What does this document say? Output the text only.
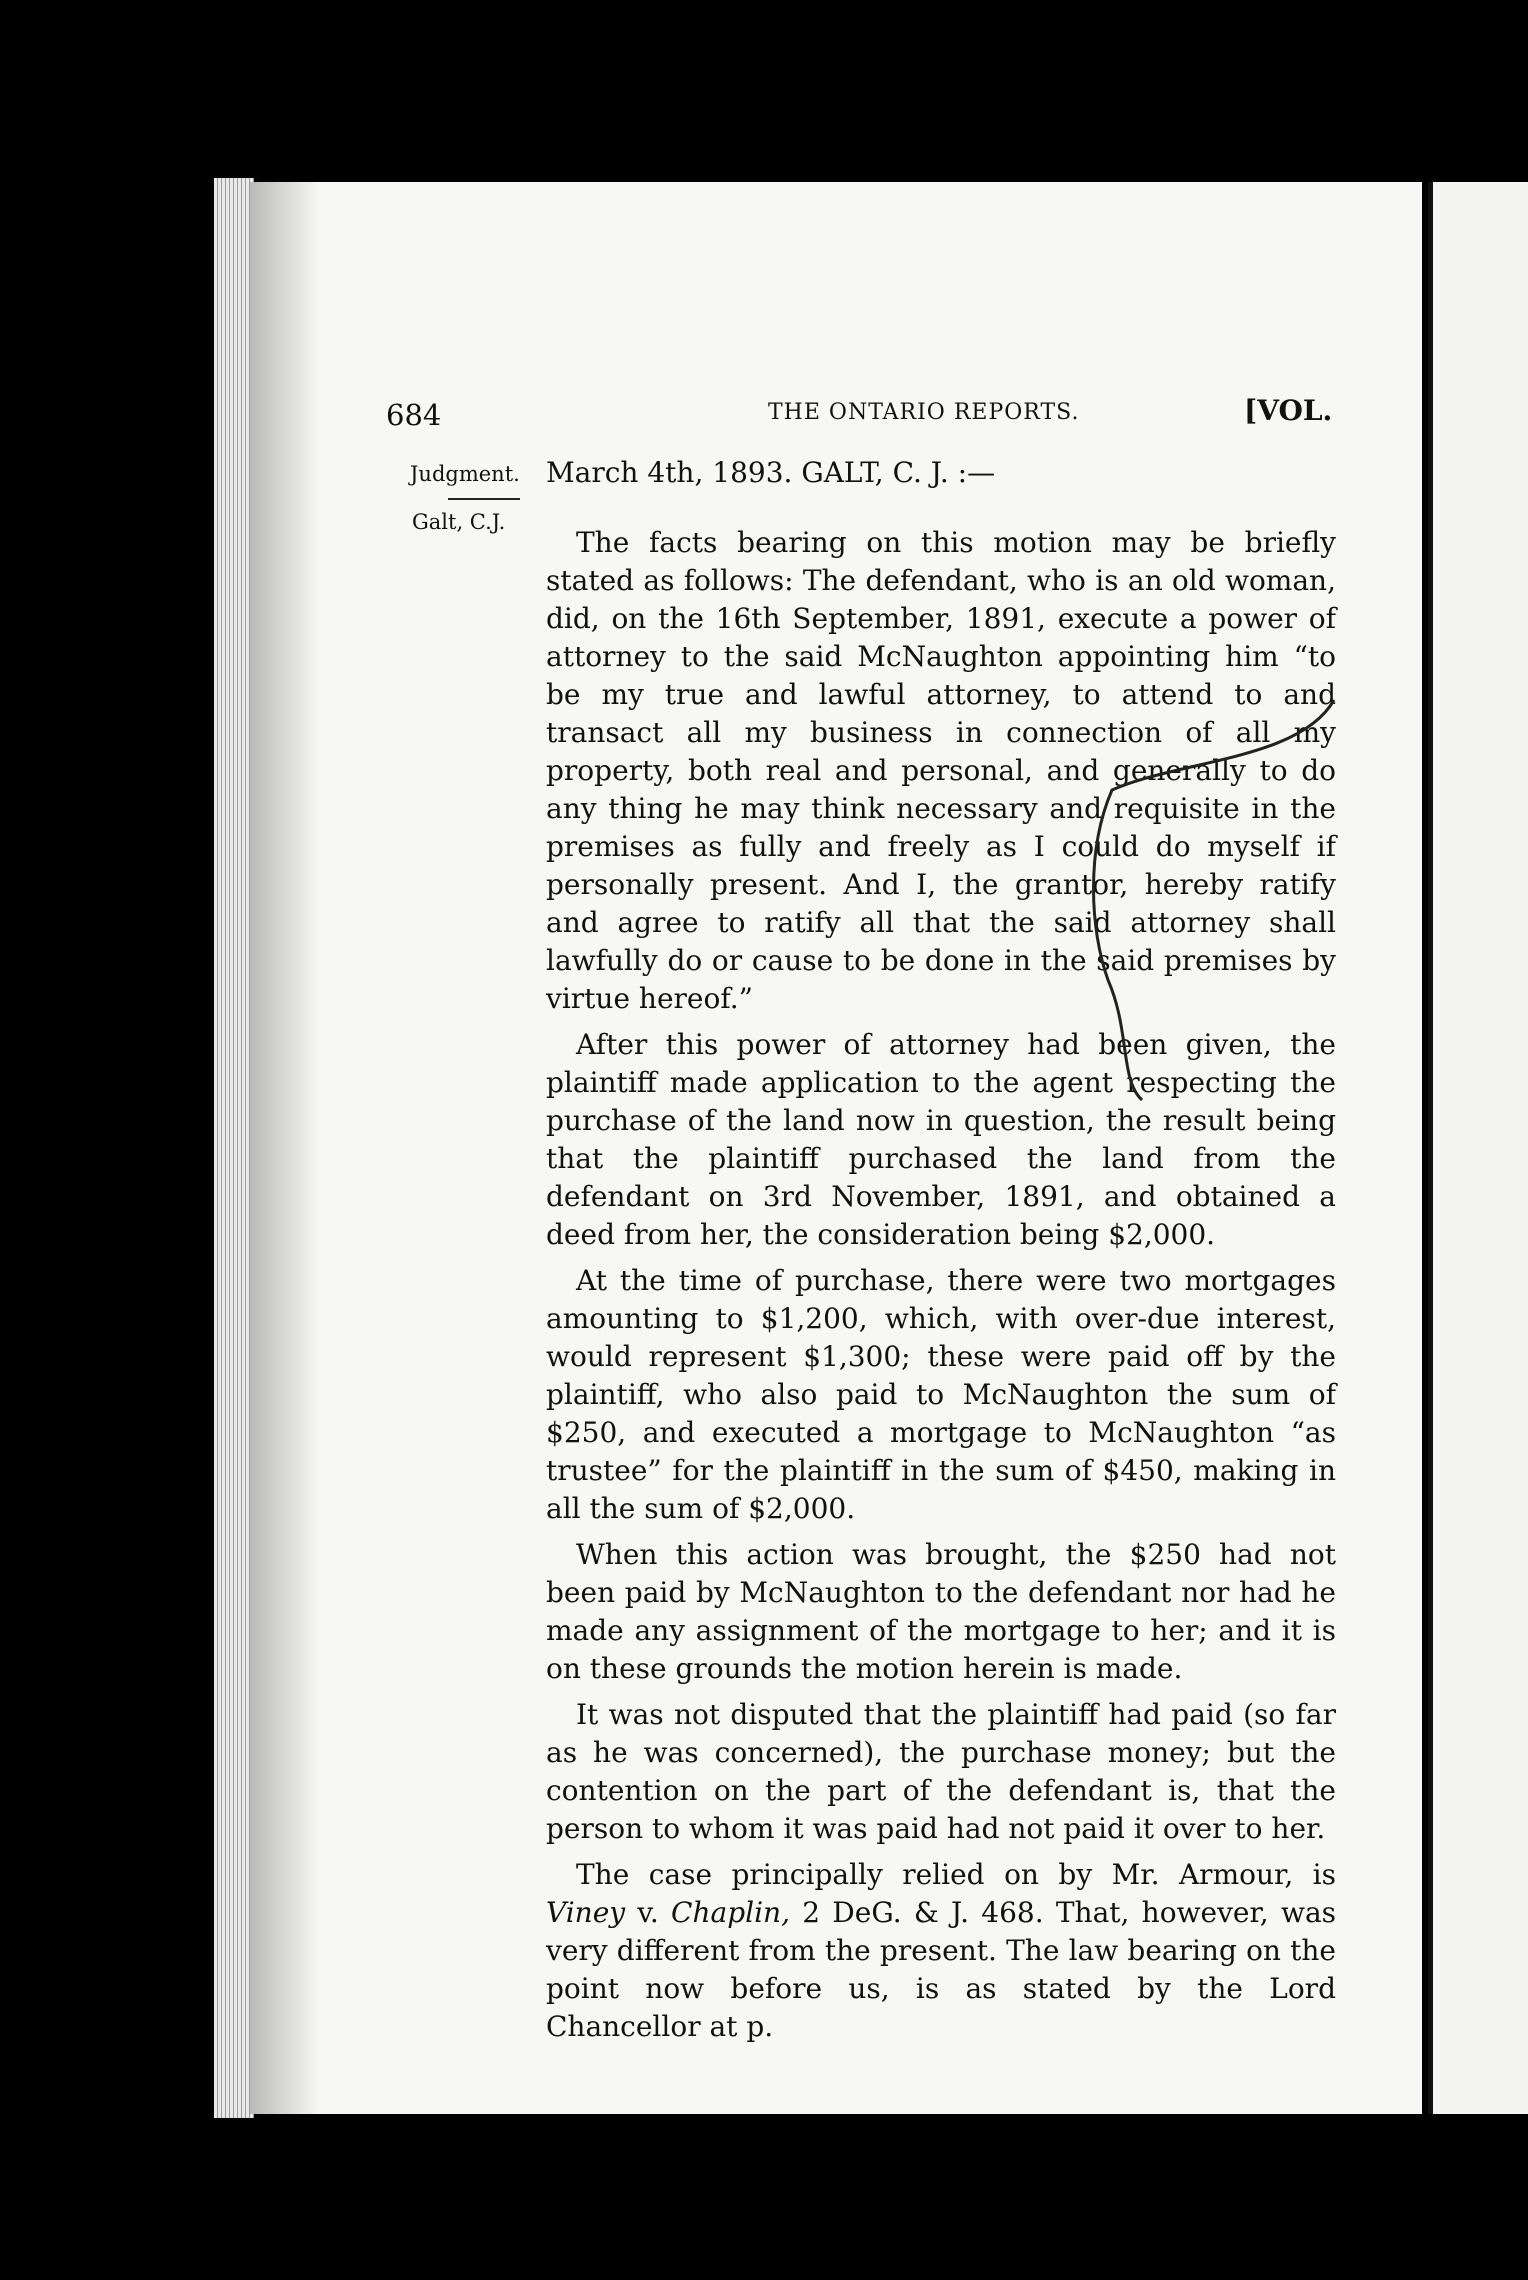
684	THE ONTARIO REPORTS.	[VOL.
Judgment.
Galt, C.J.
March 4th, 1893. GALT, C. J. :—

The facts bearing on this motion may be briefly stated as follows: The defendant, who is an old woman, did, on the 16th September, 1891, execute a power of attorney to the said McNaughton appointing him “to be my true and lawful attorney, to attend to and transact all my business in connection of all my property, both real and personal, and generally to do any thing he may think necessary and requisite in the premises as fully and freely as I could do myself if personally present. And I, the grantor, hereby ratify and agree to ratify all that the said attorney shall lawfully do or cause to be done in the said premises by virtue hereof.”

After this power of attorney had been given, the plaintiff made application to the agent respecting the purchase of the land now in question, the result being that the plaintiff purchased the land from the defendant on 3rd November, 1891, and obtained a deed from her, the consideration being $2,000.

At the time of purchase, there were two mortgages amounting to $1,200, which, with over-due interest, would represent $1,300; these were paid off by the plaintiff, who also paid to McNaughton the sum of $250, and executed a mortgage to McNaughton “as trustee” for the plaintiff in the sum of $450, making in all the sum of $2,000.

When this action was brought, the $250 had not been paid by McNaughton to the defendant nor had he made any assignment of the mortgage to her; and it is on these grounds the motion herein is made.

It was not disputed that the plaintiff had paid (so far as he was concerned), the purchase money; but the contention on the part of the defendant is, that the person to whom it was paid had not paid it over to her.

The case principally relied on by Mr. Armour, is Viney v. Chaplin, 2 DeG. & J. 468. That, however, was very different from the present. The law bearing on the point now before us, is as stated by the Lord Chancellor at p.
